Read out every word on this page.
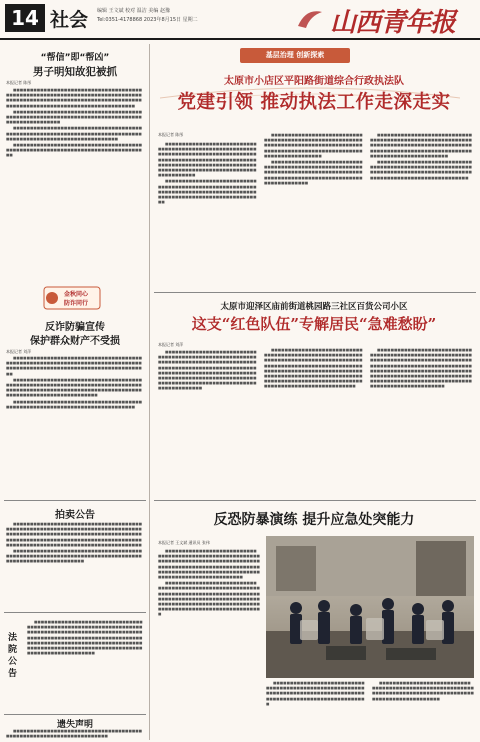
14 社会 编辑 王文斌 校对 温洁 美编 赵豫
Tel:0351-4178868 2023年8月15日 星期二	山西青年报
“帮信”即“帮凶”
男子明知故犯被抓
本报记者 陈彤

■■■■■■■■■■■■■■■■■■■■■■■■■■■■■■■■■■■■■■■■■■■■■■■■■■■■■■■■■■■■■■■■■■■■■■■■■■■■■■■■■■■■■■■■■■■■■■■■■■■■■■■■■■■■■■■■■■■■■■■■■■■■■■■■■■■■■■■■■■■■■■■■■■■■■■■■■■■■

■■■■■■■■■■■■■■■■■■■■■■■■■■■■■■■■■■■■■■■■■■■■■■■■■■■■■■■■■■■■■■■■■■■■■■■■■■■■■■■■■■■■■■■■■■■■■■

■■■■■■■■■■■■■■■■■■■■■■■■■■■■■■■■■■■■■■■■■■■■■■■■■■■■■■■■■■■■■■■■■■■■■■■■■■■■■■■■■■■■■■■■■■■■■■■■■■■■■■■■■■■■■■■

■■■■■■■■■■■■■■■■■■■■■■■■■■■■■■■■■■■■■■■■■■■■■■■■■■■■■■■■■■■■■■■■■■■■■■■■■■■■■■■■

金秋同心
防诈同行
反诈防骗宣传
保护群众财产不受损
本报记者 刘萍

■■■■■■■■■■■■■■■■■■■■■■■■■■■■■■■■■■■■■■■■■■■■■■■■■■■■■■■■■■■■■■■■■■■■■■■■■■■■■■■■■■■■■■■■■■■■■■■■■■■■■■■■■■■■■■■■■■■■■■■■

■■■■■■■■■■■■■■■■■■■■■■■■■■■■■■■■■■■■■■■■■■■■■■■■■■■■■■■■■■■■■■■■■■■■■■■■■■■■■■■■■■■■■■■■■■■■■■■■■■■■■■■■■■■■■■■■■■■■■■■■■■■■■■■■■■■■■■■■■■■■■■■■■

■■■■■■■■■■■■■■■■■■■■■■■■■■■■■■■■■■■■■■■■■■■■■■■■■■■■■■■■■■■■■■■■■■■■■■■■■■■■

拍卖公告

■■■■■■■■■■■■■■■■■■■■■■■■■■■■■■■■■■■■■■■■■■■■■■■■■■■■■■■■■■■■■■■■■■■■■■■■■■■■■■■■■■■■■■■■■■■■■■■■■■■■■■■■■■■■■■■■■■■■■■■■■■■■■■■■■■■■■■■■■■■■■■■■■■■■■■■■■■■■■■■■■■■■■■■■■■■■■■■■■■■■■■■■■■■■■■■■■■■■■■

■■■■■■■■■■■■■■■■■■■■■■■■■■■■■■■■■■■■■■■■■■■■■■■■■■■■■■■■■■■■■■■■■■■■■■■■■■■■■■■■■■■■■■■■■■■■■■■■■■■■■

法院公告

■■■■■■■■■■■■■■■■■■■■■■■■■■■■■■■■■■■■■■■■■■■■■■■■■■■■■■■■■■■■■■■■■■■■■■■■■■■■■■■■■■■■■■■■■■■■■■■■■■■■■■■■■■■■■■■■■■■■■■■■■■■■■■■■■■■■■■■■■■■■■■■■■■■■■■■■■■■■■■■■■■■■■■■■■■■■■■■■■■■■■■■■■■■■■■■■■■■■■■■■■■■■■■■■■■■■■■■■■■■■■■

遗失声明

■■■■■■■■■■■■■■■■■■■■■■■■■■■■■■■■■■■■■■■■■■■■■■■■■■■■■■■■■■■■■■■■■■■■

基层治理 创新探索
太原市小店区平阳路街道综合行政执法队
党建引领 推动执法工作走深走实
本报记者 陈彤

■■■■■■■■■■■■■■■■■■■■■■■■■■■■■■■■■■■■■■■■■■■■■■■■■■■■■■■■■■■■■■■■■■■■■■■■■■■■■■■■■■■■■■■■■■■■■■■■■■■■■■■■■■■■■■■■■■■■■■■■■■■■■■■■■■■■■■■■■■■■■■■■■■■■■■■■■■■■■■■■■■■■■■■■■■■■■■■■■■■■■■■

■■■■■■■■■■■■■■■■■■■■■■■■■■■■■■■■■■■■■■■■■■■■■■■■■■■■■■■■■■■■■■■■■■■■■■■■■■■■■■■■■■■■■■■■■■■■■■■■■■■■■■■■■■■■■■■■■■■■

■■■■■■■■■■■■■■■■■■■■■■■■■■■■■■■■■■■■■■■■■■■■■■■■■■■■■■■■■■■■■■■■■■■■■■■■■■■■■■■■■■■■■■■■■■■■■■■■■■■■■■■■■■■■■■■■■■■■■■■■■■■■■■■■■■■

■■■■■■■■■■■■■■■■■■■■■■■■■■■■■■■■■■■■■■■■■■■■■■■■■■■■■■■■■■■■■■■■■■■■■■■■■■■■■■■■■■■■■■■■■■■■■■■■■■■■■■■■■■■■■■■■■■■■■■■■■■■■■■■

■■■■■■■■■■■■■■■■■■■■■■■■■■■■■■■■■■■■■■■■■■■■■■■■■■■■■■■■■■■■■■■■■■■■■■■■■■■■■■■■■■■■■■■■■■■■■■■■■■■■■■■■■■■■■■■■■■■■■■■■■■■■■■■■■■■■■■■■■■■■■

■■■■■■■■■■■■■■■■■■■■■■■■■■■■■■■■■■■■■■■■■■■■■■■■■■■■■■■■■■■■■■■■■■■■■■■■■■■■■■■■■■■■■■■■■■■■■■■■■■■■■■■■■■■■■■■■■■■■■

太原市迎泽区庙前街道桃园路三社区百货公司小区
这支“红色队伍”专解居民“急难愁盼”
本报记者 刘萍

■■■■■■■■■■■■■■■■■■■■■■■■■■■■■■■■■■■■■■■■■■■■■■■■■■■■■■■■■■■■■■■■■■■■■■■■■■■■■■■■■■■■■■■■■■■■■■■■■■■■■■■■■■■■■■■■■■■■■■■■■■■■■■■■■■■■■■■■■■■■■■■■■■■■■■■■■■■■■■■■■■■■■■■■■■■■■■■■■■■■■■■■■■■■■■■■■■■■■■■■■■■■■■■■■■■■■■

■■■■■■■■■■■■■■■■■■■■■■■■■■■■■■■■■■■■■■■■■■■■■■■■■■■■■■■■■■■■■■■■■■■■■■■■■■■■■■■■■■■■■■■■■■■■■■■■■■■■■■■■■■■■■■■■■■■■■■■■■■■■■■■■■■■■■■■■■■■■■■■■■■■■■■■■■■■■■■■■■■■■■■■■■■■■■■■■■■■■■■■■■■■■■■■■■■■■■■■■■■■■■■■■■■■■■■■■■■■■■■■■■■■■

■■■■■■■■■■■■■■■■■■■■■■■■■■■■■■■■■■■■■■■■■■■■■■■■■■■■■■■■■■■■■■■■■■■■■■■■■■■■■■■■■■■■■■■■■■■■■■■■■■■■■■■■■■■■■■■■■■■■■■■■■■■■■■■■■■■■■■■■■■■■■■■■■■■■■■■■■■■■■■■■■■■■■■■■■■■■■■■■■■■■■■■■■■■■■■■■■■■■■■■■■■■■■■■■■■■■■■■■■■■■■■■■■■■■■■

反恐防暴演练 提升应急处突能力
本报记者 王文斌 通讯员 张伟

■■■■■■■■■■■■■■■■■■■■■■■■■■■■■■■■■■■■■■■■■■■■■■■■■■■■■■■■■■■■■■■■■■■■■■■■■■■■■■■■■■■■■■■■■■■■■■■■■■■■■■■■■■■■■■■■■■■■■■■■■■■■■■■■■■■■■■■■■■■■■■■■■■■■■■■■■■■■■■■■■■■■■■■■■■■■

■■■■■■■■■■■■■■■■■■■■■■■■■■■■■■■■■■■■■■■■■■■■■■■■■■■■■■■■■■■■■■■■■■■■■■■■■■■■■■■■■■■■■■■■■■■■■■■■■■■■■■■■■■■■■■■■■■■■■■■■■■■■■■■■■■■■■■■■■■■■■■■■■■■■■■■■■■■■■■■■■■■■■■■■■■■■■■■■■■

■■■■■■■■■■■■■■■■■■■■■■■■■■■■■■■■■■■■■■■■■■■■■■■■■■■■■■■■■■■■■■■■■■■■■■■■■■■■■■■■■■■■■■■■■■■■■■■■■■■■■■■■■■■■■■■■■■■

■■■■■■■■■■■■■■■■■■■■■■■■■■■■■■■■■■■■■■■■■■■■■■■■■■■■■■■■■■■■■■■■■■■■■■■■■■■■■■■■■■■■■■■■■■■■■■■■■■■■■■■■■■■
